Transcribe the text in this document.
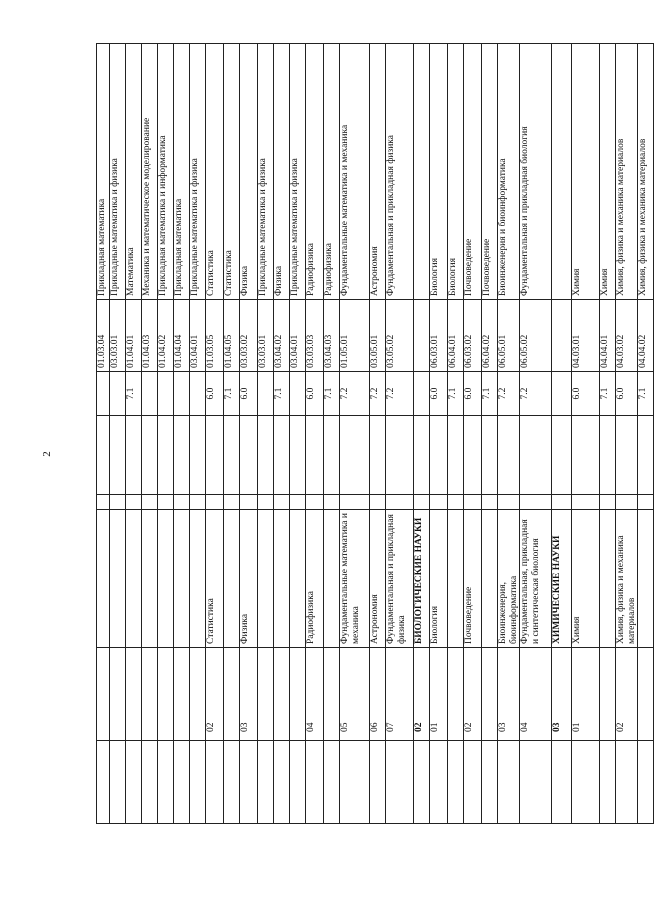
2
						01.03.04	Прикладная математика
						03.03.01	Прикладные математика и физика
					7.1	01.04.01	Математика
						01.04.03	Механика и математическое моделирование
						01.04.02	Прикладная математика и информатика
						01.04.04	Прикладная математика
						03.04.01	Прикладные математика и физика
	02	Статистика			6.0	01.03.05	Статистика
					7.1	01.04.05	Статистика
	03	Физика			6.0	03.03.02	Физика
						03.03.01	Прикладные математика и физика
					7.1	03.04.02	Физика
						03.04.01	Прикладные математика и физика
	04	Радиофизика			6.0	03.03.03	Радиофизика
					7.1	03.04.03	Радиофизика
	05	Фундаментальные математика и механика			7.2	01.05.01	Фундаментальные математика и механика
	06	Астрономия			7.2	03.05.01	Астрономия
	07	Фундаментальная и прикладная физика			7.2	03.05.02	Фундаментальная и прикладная физика
	02	БИОЛОГИЧЕСКИЕ НАУКИ					
	01	Биология			6.0	06.03.01	Биология
					7.1	06.04.01	Биология
	02	Почвоведение			6.0	06.03.02	Почвоведение
					7.1	06.04.02	Почвоведение
	03	Биоинженерия, биоинформатика			7.2	06.05.01	Биоинженерия и биоинформатика
	04	Фундаментальная, прикладная и синтетическая биология			7.2	06.05.02	Фундаментальная и прикладная биология
	03	ХИМИЧЕСКИЕ НАУКИ					
	01	Химия			6.0	04.03.01	Химия
					7.1	04.04.01	Химия
	02	Химия, физика и механика материалов			6.0	04.03.02	Химия, физика и механика материалов
					7.1	04.04.02	Химия, физика и механика материалов
